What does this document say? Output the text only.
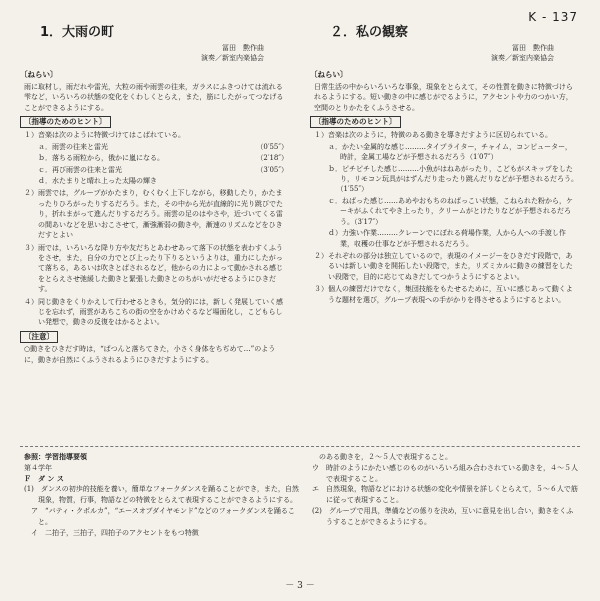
K - 137
1．大雨の町
冨田　勲作曲
演奏／新室内楽協会
〔ねらい〕
雨に取材し，雨だれや雷光，大粒の雨や雨雲の往来，ガラスにふきつけては流れる雫など，いろいろの状態の変化をくわしくとらえ，また，筋にしたがってつなげることができるようにする。
〔指導のためのヒント〕
１）音楽は次のように特徴づけてはこばれている。
ａ．雨雲の往来と雷光	（0′55″）
ｂ．落ちる雨粒から，俄かに嵐になる。	（2′18″）
ｃ．再び雨雲の往来と雷光	（3′05″）
ｄ．水たまりと晴れ上った太陽の輝き
２）雨雲では，グループがかたまり，むくむく上下しながら，移動したり，かたまったりひろがったりするだろう。また，その中から光が直線的に光り跳びでたり，折れまがって進んだりするだろう。雨雲の足のはやさや，近づいてくる雷の間あいなどを思いおこさせて，漸強漸弱の動きや，漸速のリズムなどをひきだすとよい
３）雨では，いろいろな降り方や友だちとあわせあって落下の状態を表わすくふうをさせ，また，自分の力でとび上ったり下りるというよりは，重力にしたがって落ちる，あるいは吹きとばされるなど，他からの力によって動かされる感じをとらえさせ弛緩した動きと緊張した動きとのちがいがだせるようにひきだす。
４）同じ動きをくりかえして行わせるときも，気分的には，新しく発展していく感じを忘れず，雨雲があちこちの街の空をかけめぐるなど場面化し，こどもらしい発想で，動きの反復をはかるとよい。
〔注意〕
○動きをひきだす時は，“ぱつんと落ちてきた，小さく身体をちぢめて…”のように，動きが自然にくふうされるようにひきだすようにする。
２．私の観察
冨田　勲作曲
演奏／新室内楽協会
〔ねらい〕
日常生活の中からいろいろな事象，現象をとらえて，その性質を動きに特徴づけられるようにする。短い動きの中に感じがでるように，アクセントや力のつかい方，空間のとりかたをくふうさせる。
〔指導のためのヒント〕
１）音楽は次のように，特徴のある動きを導きだすように区切られている。
ａ．かたい金属的な感じ………タイプライター，チャイム，コンピューター，時計，金属工場などが予想されるだろう（1′07″）
ｂ．ピチピチした感じ………小魚がはねあがったり，こどもがスキップをしたり，リモコン玩具がはずんだり走ったり跳んだりなどが予想されるだろう。（1′55″）
ｃ．ねばった感じ……あめやおもちのねばっこい状態，こねられた粉から，ケーキがふくれてやき上ったり，クリームがとけたりなどが予想されるだろう。（3′17″）
ｄ）力強い作業………クレーンでにぼれる荷場作業，人から人への手渡し作業，収穫の仕事などが予想されるだろう。
２）それぞれの部分は独立しているので，表現のイメージーをひきだす段階で，あるいは新しい動きを開拓したい段階で，また，リズミカルに動きの練習をしたい段階で，目的に応じてぬきだしてつかうようにするとよい。
３）個人の練習だけでなく，集団技能をもたせるために，互いに感じあって動くような題材を選び，グループ表現への手がかりを得させるようにするとよい。
参照：学習指導要領
第４学年
Ｆ　ダ ン ス
(1)　ダンスの初歩的技能を養い，簡単なフォークダンスを踊ることができ，また，自然現象，物質，行事，物語などの特徴をとらえて表現することができるようにする。
　ア　“バティ・クポルカ”，“エースオブダイヤモンド”などのフォークダンスを踊ること。
　イ　二拍子，三拍子，四拍子のアクセントをもつ特徴
　のある動きを，２～５人で表現すること。
ウ　時計のようにかたい感じのものがいろいろ組み合わされている動きを，４～５人で表現すること。
エ　自然現象，物語などにおける状態の変化や情景を詳しくとらえて，５～６人で筋に従って表現すること。
(2)　グループで用具，準備などの係りを決め，互いに意見を出し合い，動きをくふうすることができるようにする。
－ 3 －
